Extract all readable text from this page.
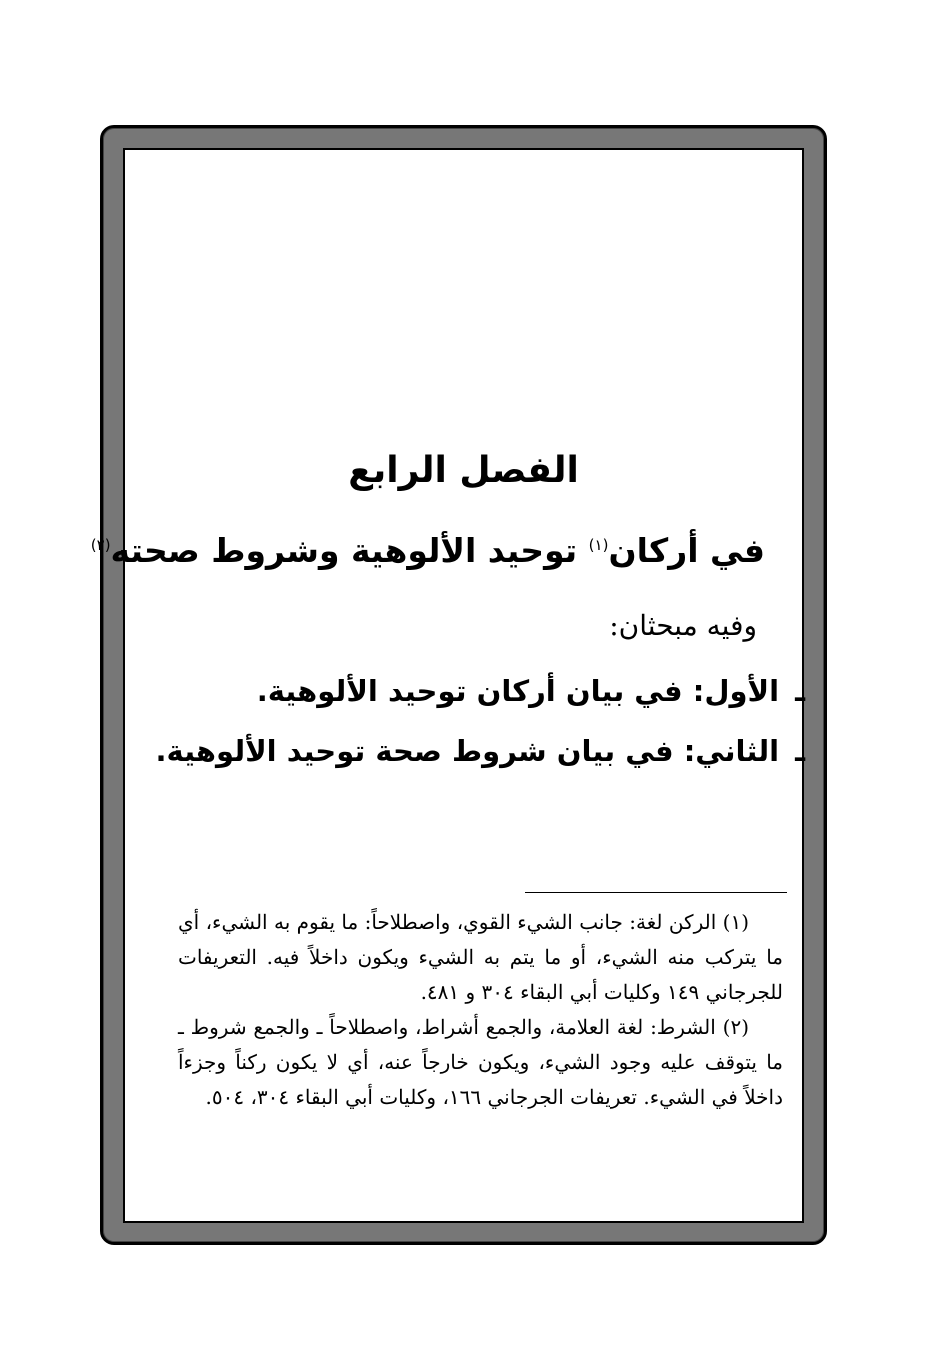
الفصل الرابع
في أركان$^{(١)}$ توحيد الألوهية وشروط صحته$^{(٢)}$
وفيه مبحثان:
ـالأول: في بيان أركان توحيد الألوهية.
ـالثاني: في بيان شروط صحة توحيد الألوهية.

(١) الركن لغة: جانب الشيء القوي، واصطلاحاً: ما يقوم به الشيء، أي ما يتركب منه الشيء، أو ما يتم به الشيء ويكون داخلاً فيه. التعريفات للجرجاني ١٤٩ وكليات أبي البقاء ٣٠٤ و ٤٨١.

(٢) الشرط: لغة العلامة، والجمع أشراط، واصطلاحاً ـ والجمع شروط ـ ما يتوقف عليه وجود الشيء، ويكون خارجاً عنه، أي لا يكون ركناً وجزءاً داخلاً في الشيء. تعريفات الجرجاني ١٦٦، وكليات أبي البقاء ٣٠٤، ٥٠٤.
